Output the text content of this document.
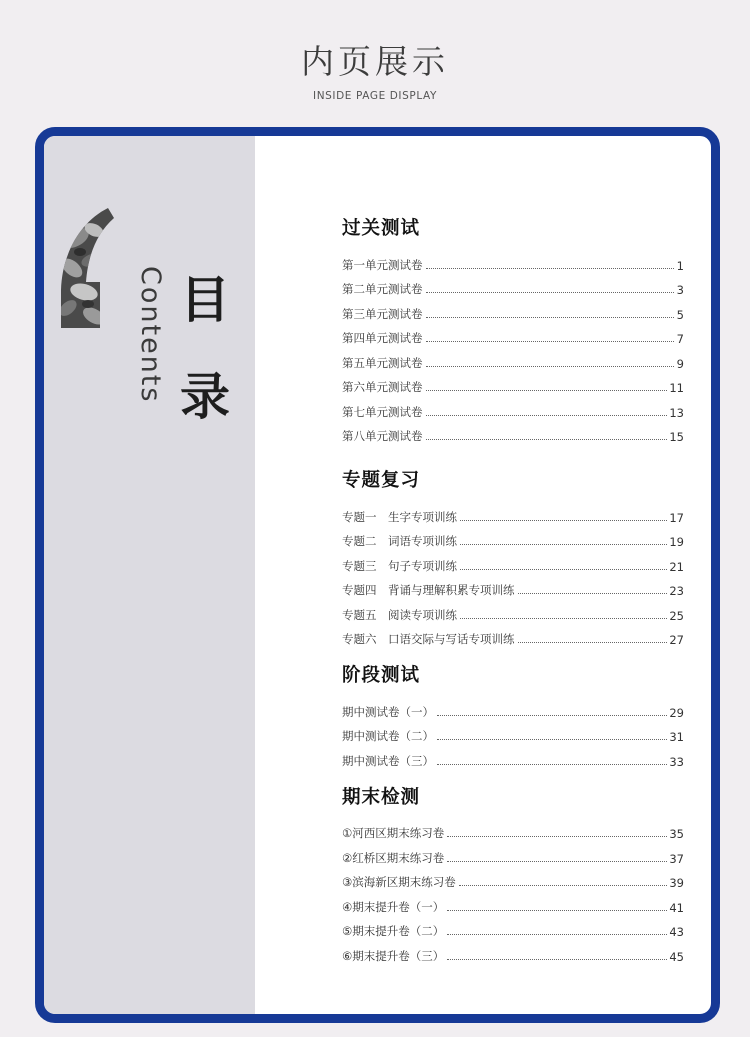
内页展示
INSIDE PAGE DISPLAY
Contents 目
录
过关测试
第一单元测试卷	1
第二单元测试卷	3
第三单元测试卷	5
第四单元测试卷	7
第五单元测试卷	9
第六单元测试卷	11
第七单元测试卷	13
第八单元测试卷	15
专题复习
专题一　生字专项训练	17
专题二　词语专项训练	19
专题三　句子专项训练	21
专题四　背诵与理解积累专项训练	23
专题五　阅读专项训练	25
专题六　口语交际与写话专项训练	27
阶段测试
期中测试卷（一）	29
期中测试卷（二）	31
期中测试卷（三）	33
期末检测
①河西区期末练习卷	35
②红桥区期末练习卷	37
③滨海新区期末练习卷	39
④期末提升卷（一）	41
⑤期末提升卷（二）	43
⑥期末提升卷（三）	45
